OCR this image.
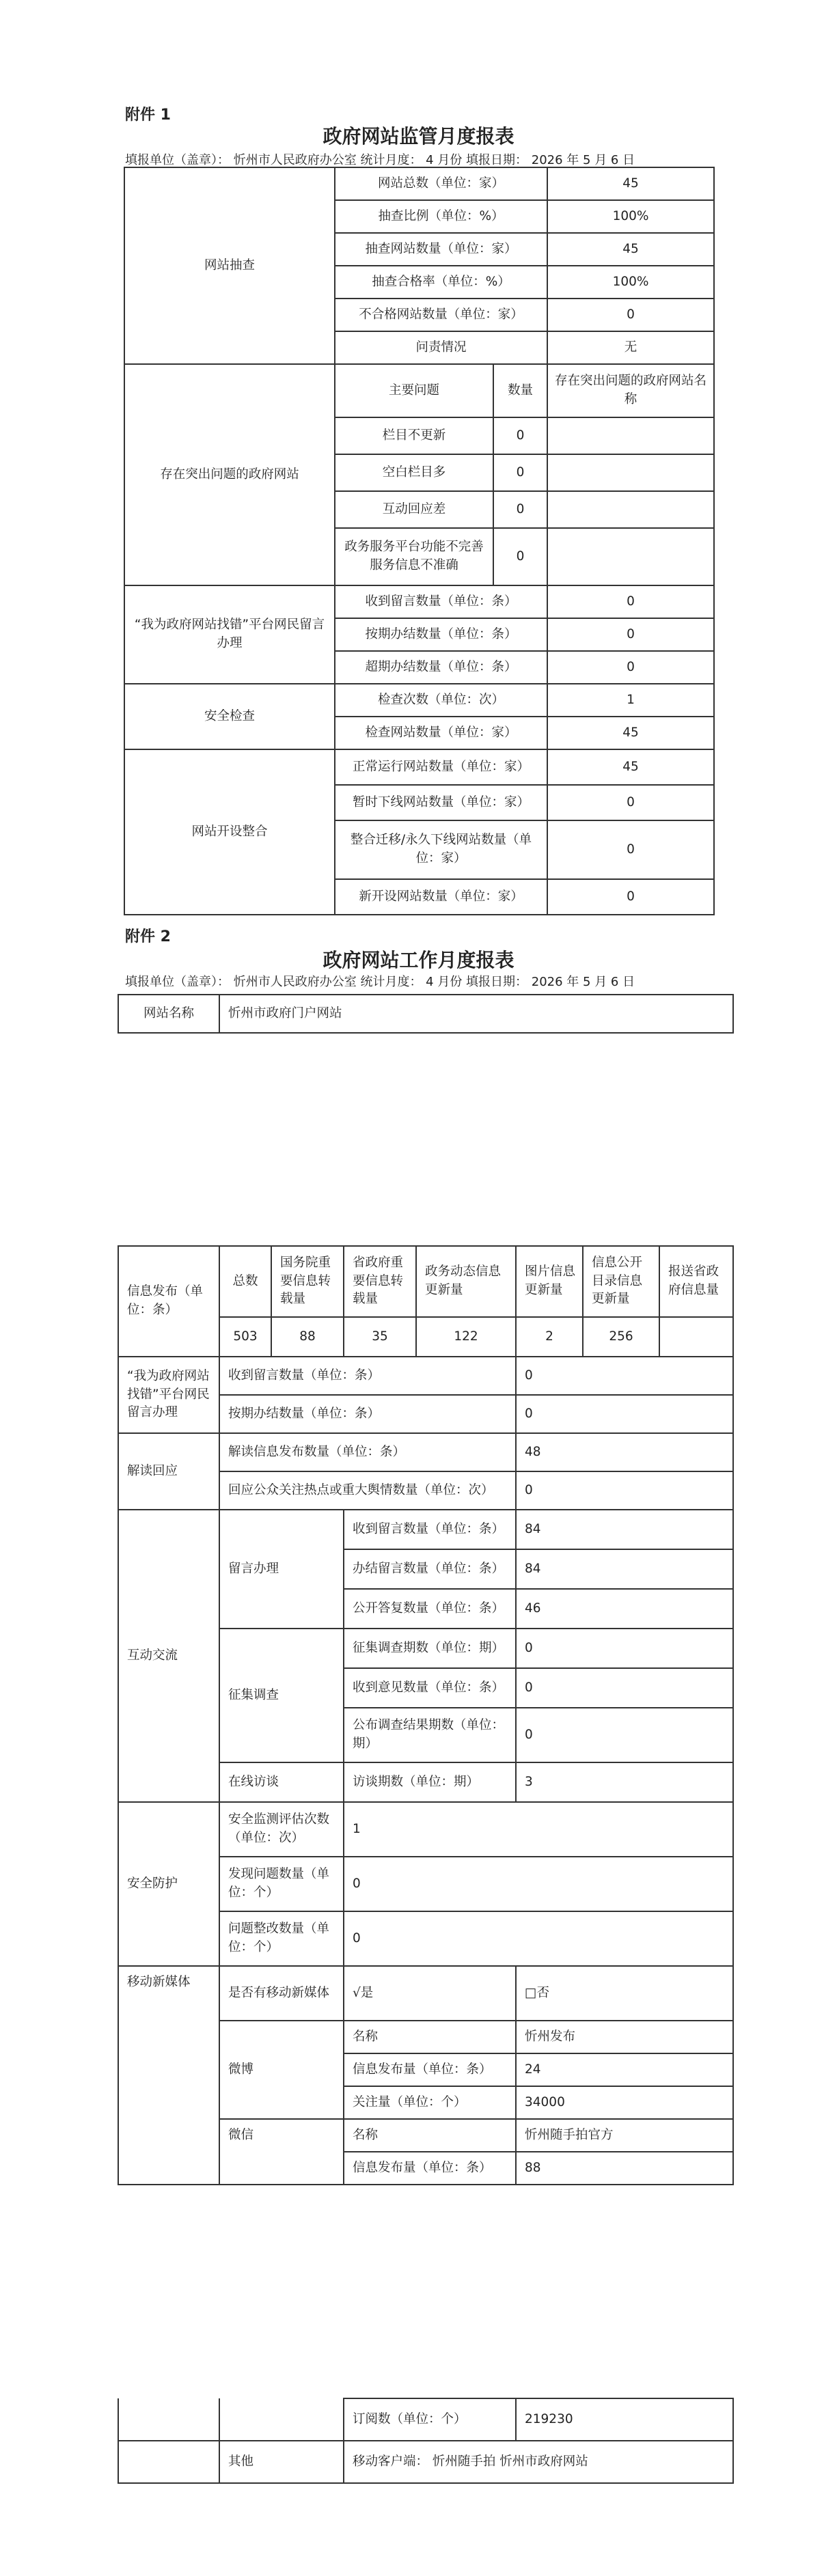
附件 1
政府网站监管月度报表
填报单位（盖章）： 忻州市人民政府办公室 统计月度： 4 月份 填报日期： 2026 年 5 月 6 日
网站抽查	网站总数（单位：家）		45
	抽查比例（单位：%）		100%
	抽查网站数量（单位：家）		45
	抽查合格率（单位：%）		100%
	不合格网站数量（单位：家）		0
	问责情况		无
存在突出问题的政府网站	主要问题	数量	存在突出问题的政府网站名称
	栏目不更新	0	
	空白栏目多	0	
	互动回应差	0	
	政务服务平台功能不完善服务信息不准确	0	
“我为政府网站找错”平台网民留言办理	收到留言数量（单位：条）		0
	按期办结数量（单位：条）		0
	超期办结数量（单位：条）		0
安全检查	检查次数（单位：次）		1
	检查网站数量（单位：家）		45
网站开设整合	正常运行网站数量（单位：家）		45
	暂时下线网站数量（单位：家）		0
	整合迁移/永久下线网站数量（单位：家）		0
	新开设网站数量（单位：家）		0
附件 2
政府网站工作月度报表
填报单位（盖章）： 忻州市人民政府办公室 统计月度： 4 月份 填报日期： 2026 年 5 月 6 日
网站名称	忻州市政府门户网站
信息发布（单位：条）	总数	国务院重要信息转载量	省政府重要信息转载量	政务动态信息更新量	图片信息更新量	信息公开目录信息更新量	报送省政府信息量
	503	88	35	122	2	256	
“我为政府网站找错”平台网民留言办理	收到留言数量（单位：条）				0		
	按期办结数量（单位：条）				0		
解读回应	解读信息发布数量（单位：条）				48		
	回应公众关注热点或重大舆情数量（单位：次）				0		
互动交流	留言办理		收到留言数量（单位：条）		84		
			办结留言数量（单位：条）		84		
			公开答复数量（单位：条）		46		
	征集调查		征集调查期数（单位：期）		0		
			收到意见数量（单位：条）		0		
			公布调查结果期数（单位：期）		0		
	在线访谈		访谈期数（单位：期）		3		
安全防护	安全监测评估次数（单位：次）		1				
	发现问题数量（单位：个）		0				
	问题整改数量（单位：个）		0				
移动新媒体	是否有移动新媒体		√是		□否		
	微博		名称		忻州发布		
			信息发布量（单位：条）		24		
			关注量（单位：个）		34000		
	微信		名称		忻州随手拍官方		
			信息发布量（单位：条）		88		
		订阅数（单位：个）	219230
	其他	移动客户端： 忻州随手拍 忻州市政府网站	
